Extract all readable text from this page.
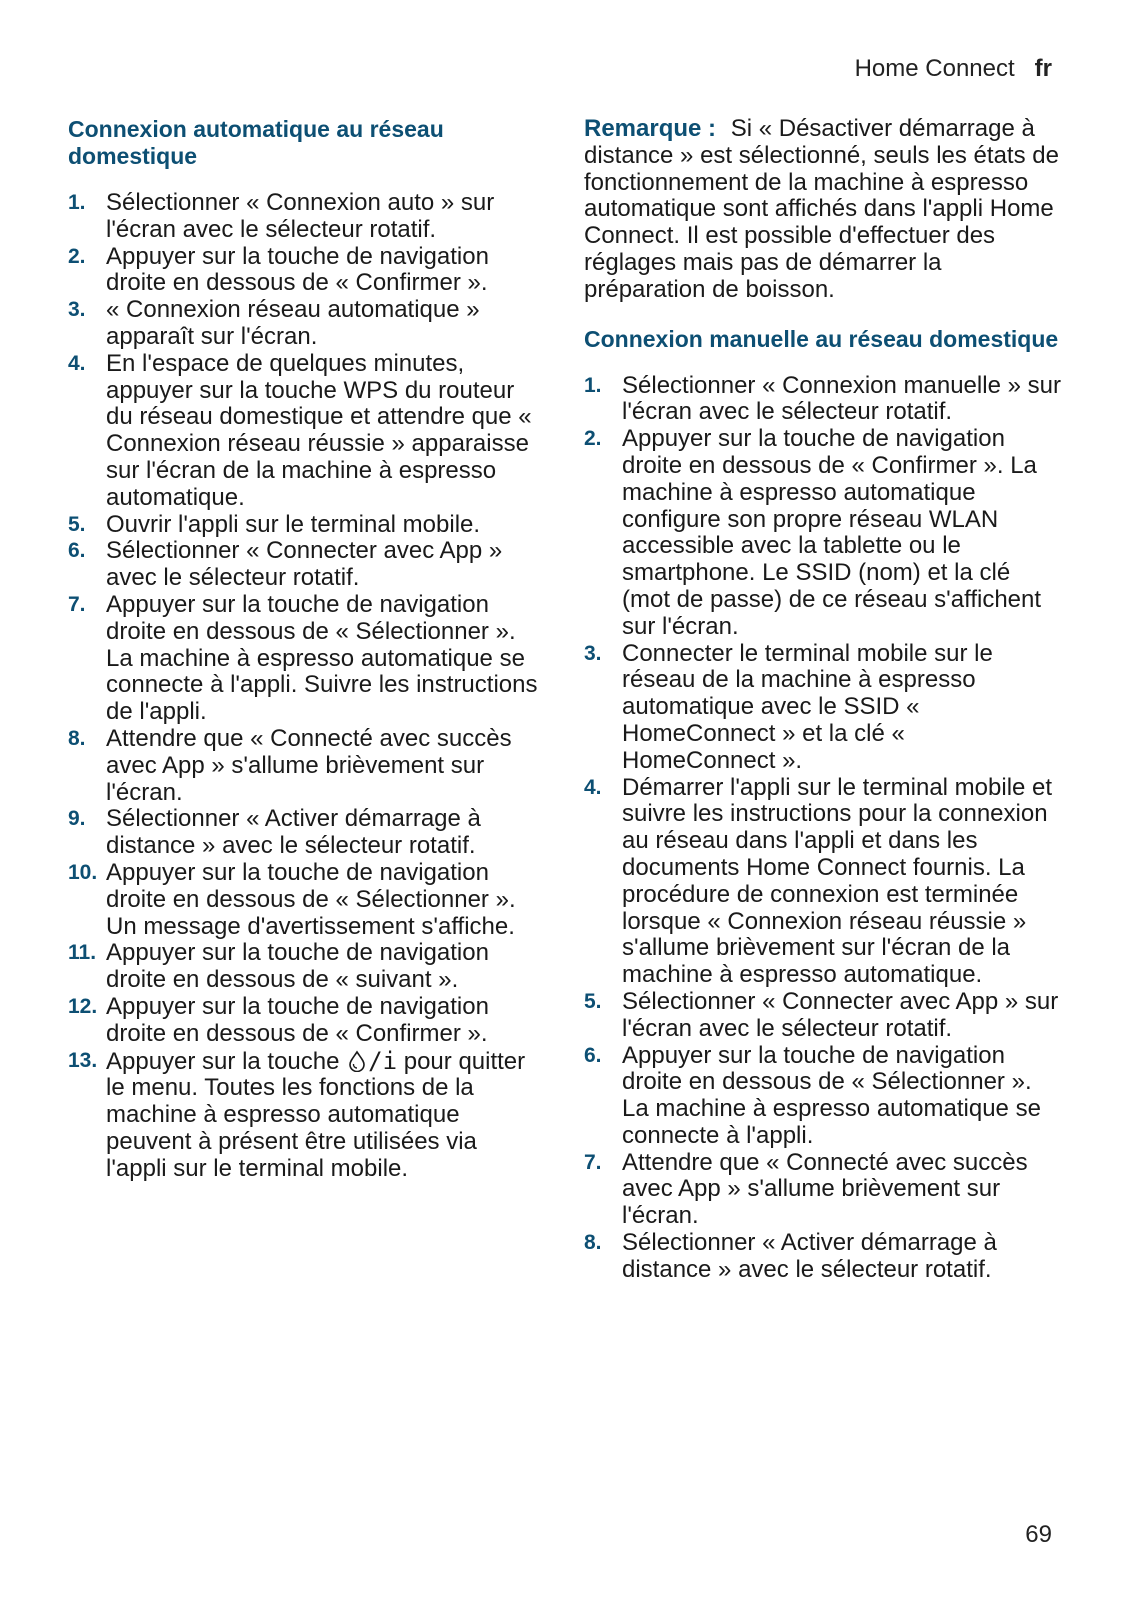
Home Connect fr
Connexion automatique au réseau domestique
1. Sélectionner « Connexion auto » sur l'écran avec le sélecteur rotatif.
2. Appuyer sur la touche de navigation droite en dessous de « Confirmer ».
3. « Connexion réseau automatique » apparaît sur l'écran.
4. En l'espace de quelques minutes, appuyer sur la touche WPS du routeur du réseau domestique et attendre que « Connexion réseau réussie » apparaisse sur l'écran de la machine à espresso automatique.
5. Ouvrir l'appli sur le terminal mobile.
6. Sélectionner « Connecter avec App » avec le sélecteur rotatif.
7. Appuyer sur la touche de navigation droite en dessous de « Sélectionner ». La machine à espresso automatique se connecte à l'appli. Suivre les instructions de l'appli.
8. Attendre que « Connecté avec succès avec App » s'allume brièvement sur l'écran.
9. Sélectionner « Activer démarrage à distance » avec le sélecteur rotatif.
10. Appuyer sur la touche de navigation droite en dessous de « Sélectionner ». Un message d'avertissement s'affiche.
11. Appuyer sur la touche de navigation droite en dessous de « suivant ».
12. Appuyer sur la touche de navigation droite en dessous de « Confirmer ».
13. Appuyer sur la touche /i pour quitter le menu. Toutes les fonctions de la machine à espresso automatique peuvent à présent être utilisées via l'appli sur le terminal mobile.

Remarque : Si « Désactiver démarrage à distance » est sélectionné, seuls les états de fonctionnement de la machine à espresso automatique sont affichés dans l'appli Home Connect. Il est possible d'effectuer des réglages mais pas de démarrer la préparation de boisson.

Connexion manuelle au réseau domestique
1. Sélectionner « Connexion manuelle » sur l'écran avec le sélecteur rotatif.
2. Appuyer sur la touche de navigation droite en dessous de « Confirmer ». La machine à espresso automatique configure son propre réseau WLAN accessible avec la tablette ou le smartphone. Le SSID (nom) et la clé (mot de passe) de ce réseau s'affichent sur l'écran.
3. Connecter le terminal mobile sur le réseau de la machine à espresso automatique avec le SSID « HomeConnect » et la clé « HomeConnect ».
4. Démarrer l'appli sur le terminal mobile et suivre les instructions pour la connexion au réseau dans l'appli et dans les documents Home Connect fournis. La procédure de connexion est terminée lorsque « Connexion réseau réussie » s'allume brièvement sur l'écran de la machine à espresso automatique.
5. Sélectionner « Connecter avec App » sur l'écran avec le sélecteur rotatif.
6. Appuyer sur la touche de navigation droite en dessous de « Sélectionner ». La machine à espresso automatique se connecte à l'appli.
7. Attendre que « Connecté avec succès avec App » s'allume brièvement sur l'écran.
8. Sélectionner « Activer démarrage à distance » avec le sélecteur rotatif.
69
